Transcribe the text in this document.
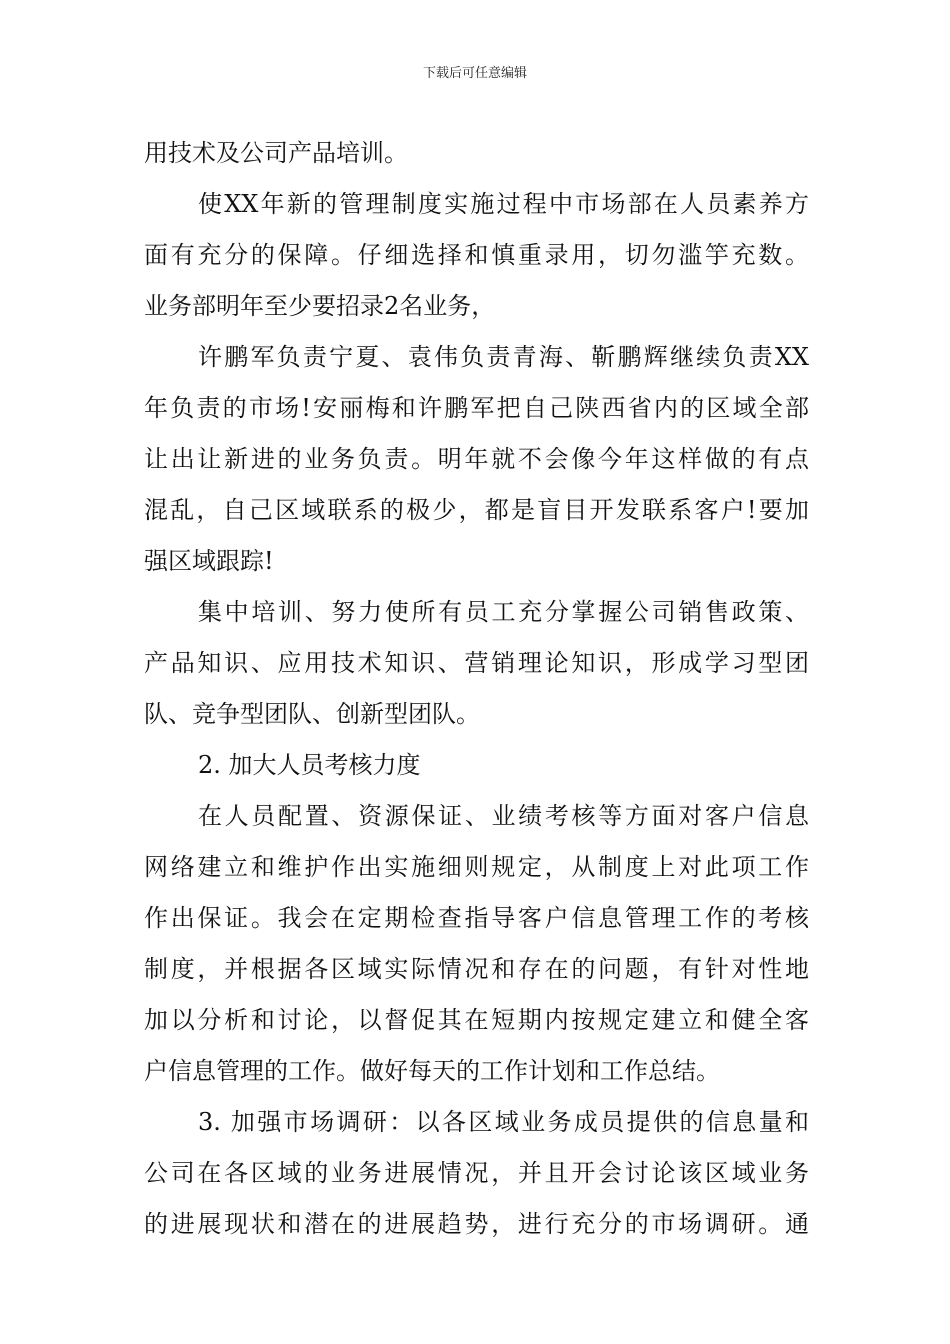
下载后可任意编辑
用技术及公司产品培训。
使XX年新的管理制度实施过程中市场部在人员素养方
面有充分的保障。仔细选择和慎重录用，切勿滥竽充数。
业务部明年至少要招录2名业务，
许鹏军负责宁夏、袁伟负责青海、靳鹏辉继续负责XX
年负责的市场!安丽梅和许鹏军把自己陕西省内的区域全部
让出让新进的业务负责。明年就不会像今年这样做的有点
混乱，自己区域联系的极少，都是盲目开发联系客户!要加
强区域跟踪!
集中培训、努力使所有员工充分掌握公司销售政策、
产品知识、应用技术知识、营销理论知识，形成学习型团
队、竞争型团队、创新型团队。
2. 加大人员考核力度
在人员配置、资源保证、业绩考核等方面对客户信息
网络建立和维护作出实施细则规定，从制度上对此项工作
作出保证。我会在定期检查指导客户信息管理工作的考核
制度，并根据各区域实际情况和存在的问题，有针对性地
加以分析和讨论，以督促其在短期内按规定建立和健全客
户信息管理的工作。做好每天的工作计划和工作总结。
3. 加强市场调研：以各区域业务成员提供的信息量和
公司在各区域的业务进展情况，并且开会讨论该区域业务
的进展现状和潜在的进展趋势，进行充分的市场调研。通
